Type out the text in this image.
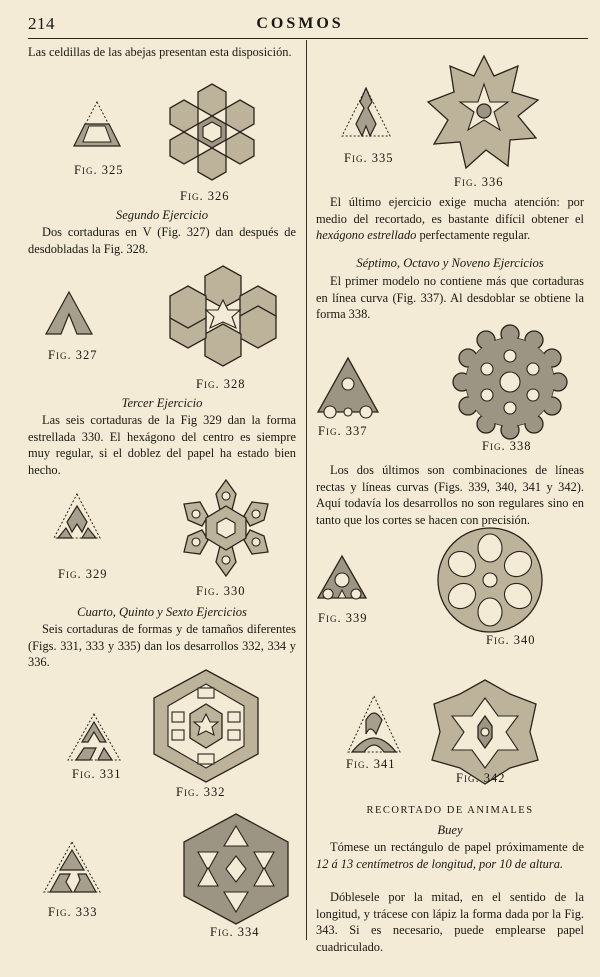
214	COSMOS

Las celdillas de las abejas presentan esta disposición.

Fig. 325
Fig. 326
Segundo Ejercicio

Dos cortaduras en V (Fig. 327) dan después de desdobladas la Fig. 328.

Fig. 327
Fig. 328
Tercer Ejercicio

Las seis cortaduras de la Fig 329 dan la forma estrellada 330. El hexágono del centro es siempre muy regular, si el doblez del papel ha estado bien hecho.

Fig. 329
Fig. 330
Cuarto, Quinto y Sexto Ejercicios

Seis cortaduras de formas y de tamaños diferentes (Figs. 331, 333 y 335) dan los desarrollos 332, 334 y 336.

Fig. 331
Fig. 332
Fig. 333
Fig. 334
Fig. 335
Fig. 336

El último ejercicio exige mucha atención: por medio del recortado, es bastante difícil obtener el hexágono estrellado perfectamente regular.

Séptimo, Octavo y Noveno Ejercicios

El primer modelo no contiene más que cortaduras en línea curva (Fig. 337). Al desdoblar se obtiene la forma 338.

Fig. 337
Fig. 338

Los dos últimos son combinaciones de líneas rectas y líneas curvas (Figs. 339, 340, 341 y 342). Aquí todavía los desarrollos no son regulares sino en tanto que los cortes se hacen con precisión.

Fig. 339
Fig. 340
Fig. 341
Fig. 342
RECORTADO DE ANIMALES
Buey

Tómese un rectángulo de papel próximamente de 12 á 13 centímetros de longitud, por 10 de altura.

Dóblesele por la mitad, en el sentido de la longitud, y trácese con lápiz la forma dada por la Fig. 343. Si es necesario, puede emplearse papel cuadriculado.
